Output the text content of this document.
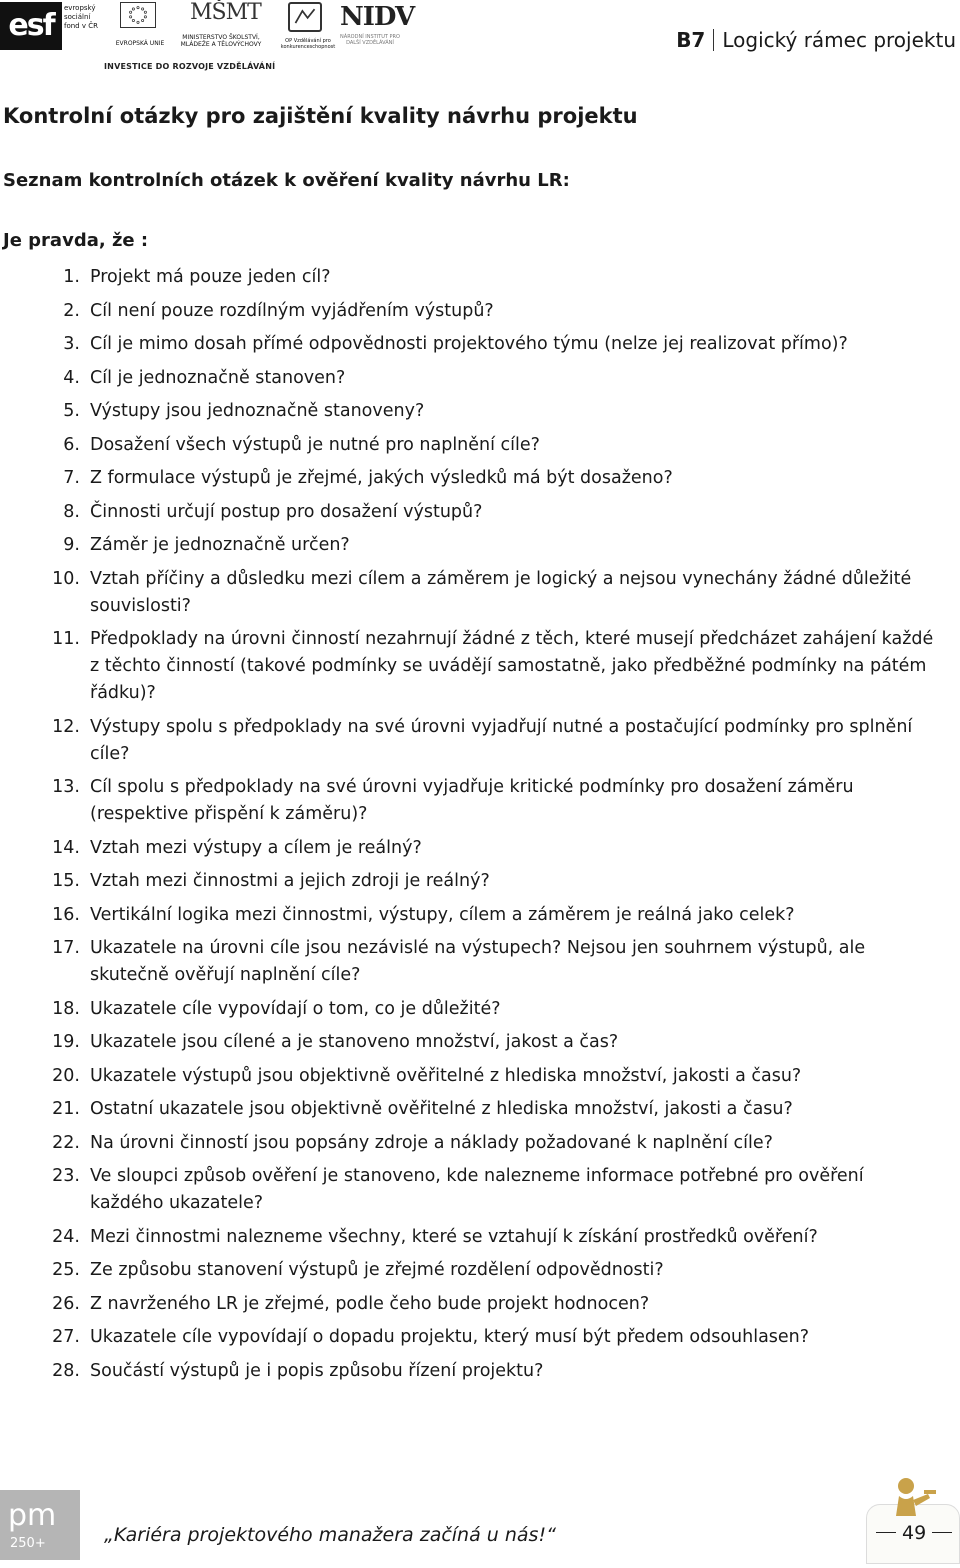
esf	evropský sociální fond v ČR
EVROPSKÁ UNIE
MŠMT
MINISTERSTVO ŠKOLSTVÍ, MLÁDEŽE A TĚLOVÝCHOVY	OP Vzdělávání pro konkurenceschopnost
NIDV
NÁRODNÍ INSTITUT PRO DALŠÍ VZDĚLÁVÁNÍ
INVESTICE DO ROZVOJE VZDĚLÁVÁNÍ
B7 Logický rámec projektu
Kontrolní otázky pro zajištění kvality návrhu projektu
Seznam kontrolních otázek k ověření kvality návrhu LR:

Je pravda, že :

1. Projekt má pouze jeden cíl?
2. Cíl není pouze rozdílným vyjádřením výstupů?
3. Cíl je mimo dosah přímé odpovědnosti projektového týmu (nelze jej realizovat přímo)?
4. Cíl je jednoznačně stanoven?
5. Výstupy jsou jednoznačně stanoveny?
6. Dosažení všech výstupů je nutné pro naplnění cíle?
7. Z formulace výstupů je zřejmé, jakých výsledků má být dosaženo?
8. Činnosti určují postup pro dosažení výstupů?
9. Záměr je jednoznačně určen?
10. Vztah příčiny a důsledku mezi cílem a záměrem je logický a nejsou vynechány žádné důležité souvislosti?
11. Předpoklady na úrovni činností nezahrnují žádné z těch, které musejí předcházet zahájení každé z těchto činností (takové podmínky se uvádějí samostatně, jako předběžné podmínky na pátém řádku)?
12. Výstupy spolu s předpoklady na své úrovni vyjadřují nutné a postačující podmínky pro splnění cíle?
13. Cíl spolu s předpoklady na své úrovni vyjadřuje kritické podmínky pro dosažení záměru (respektive přispění k záměru)?
14. Vztah mezi výstupy a cílem je reálný?
15. Vztah mezi činnostmi a jejich zdroji je reálný?
16. Vertikální logika mezi činnostmi, výstupy, cílem a záměrem je reálná jako celek?
17. Ukazatele na úrovni cíle jsou nezávislé na výstupech? Nejsou jen souhrnem výstupů, ale skutečně ověřují naplnění cíle?
18. Ukazatele cíle vypovídají o tom, co je důležité?
19. Ukazatele jsou cílené a je stanoveno množství, jakost a čas?
20. Ukazatele výstupů jsou objektivně ověřitelné z hlediska množství, jakosti a času?
21. Ostatní ukazatele jsou objektivně ověřitelné z hlediska množství, jakosti a času?
22. Na úrovni činností jsou popsány zdroje a náklady požadované k naplnění cíle?
23. Ve sloupci způsob ověření je stanoveno, kde nalezneme informace potřebné pro ověření každého ukazatele?
24. Mezi činnostmi nalezneme všechny, které se vztahují k získání prostředků ověření?
25. Ze způsobu stanovení výstupů je zřejmé rozdělení odpovědnosti?
26. Z navrženého LR je zřejmé, podle čeho bude projekt hodnocen?
27. Ukazatele cíle vypovídají o dopadu projektu, který musí být předem odsouhlasen?
28. Součástí výstupů je i popis způsobu řízení projektu?
pm
250+	„Kariéra projektového manažera začíná u nás!“	49
